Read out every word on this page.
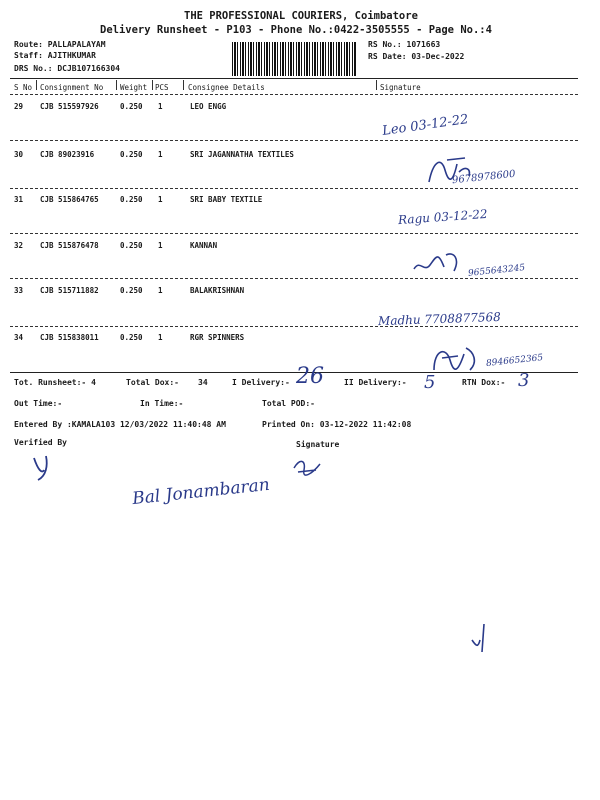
THE PROFESSIONAL COURIERS, Coimbatore
Delivery Runsheet - P103 - Phone No.:0422-3505555 - Page No.:4
Route: PALLAPALAYAM
Staff: AJITHKUMAR
DRS No.: DCJB107166304
RS No.: 1071663
RS Date: 03-Dec-2022
S No Consignment No Weight PCS	Consignee Details	Signature
29 CJB 515597926	0.250 1	LEO ENGG
Leo 03-12-22
30 CJB 89023916	0.250 1	SRI JAGANNATHA TEXTILES
9678978600
31 CJB 515864765	0.250 1	SRI BABY TEXTILE
Ragu 03-12-22
32 CJB 515876478	0.250 1	KANNAN
9655643245
33 CJB 515711882	0.250 1	BALAKRISHNAN
Madhu 7708877568
34 CJB 515838011	0.250 1	RGR SPINNERS
8946652365
Tot. Runsheet:- 4	Total Dox:- 34	I Delivery:- 26	II Delivery:- 5	RTN Dox:- 3
Out Time:-	In Time:-	Total POD:-
Entered By :KAMALA103 12/03/2022 11:40:48 AM	Printed On: 03-12-2022 11:42:08
Verified By	Signature
Bal Jonambaran
